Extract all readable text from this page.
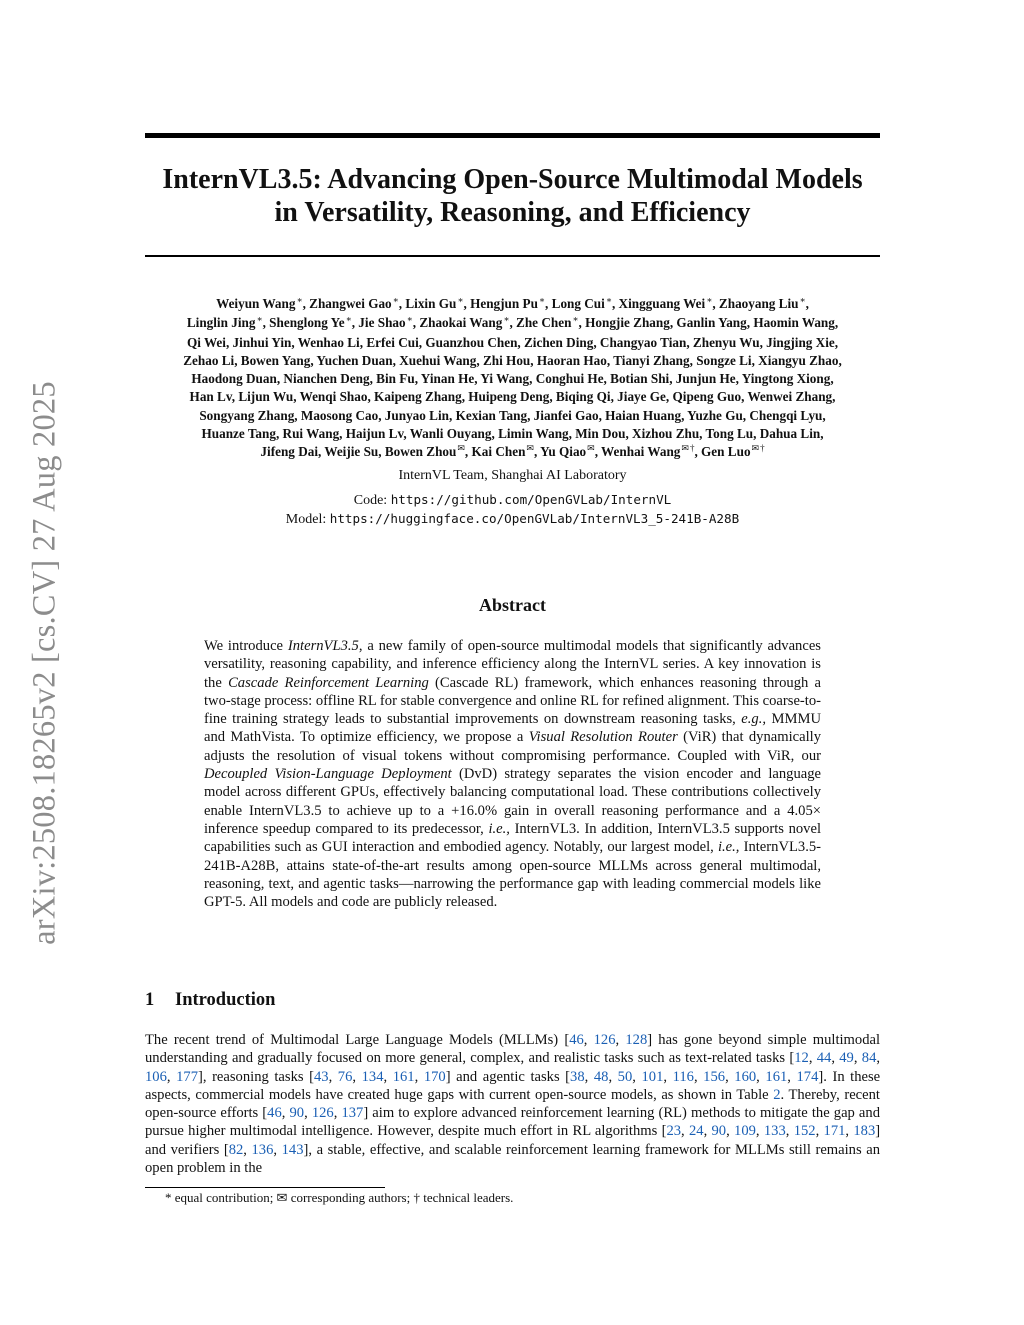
arXiv:2508.18265v2 [cs.CV] 27 Aug 2025
InternVL3.5: Advancing Open-Source Multimodal Models
in Versatility, Reasoning, and Efficiency
Weiyun Wang∗, Zhangwei Gao∗, Lixin Gu∗, Hengjun Pu∗, Long Cui∗, Xingguang Wei∗, Zhaoyang Liu∗,
Linglin Jing∗, Shenglong Ye∗, Jie Shao∗, Zhaokai Wang∗, Zhe Chen∗, Hongjie Zhang, Ganlin Yang, Haomin Wang,
Qi Wei, Jinhui Yin, Wenhao Li, Erfei Cui, Guanzhou Chen, Zichen Ding, Changyao Tian, Zhenyu Wu, Jingjing Xie,
Zehao Li, Bowen Yang, Yuchen Duan, Xuehui Wang, Zhi Hou, Haoran Hao, Tianyi Zhang, Songze Li, Xiangyu Zhao,
Haodong Duan, Nianchen Deng, Bin Fu, Yinan He, Yi Wang, Conghui He, Botian Shi, Junjun He, Yingtong Xiong,
Han Lv, Lijun Wu, Wenqi Shao, Kaipeng Zhang, Huipeng Deng, Biqing Qi, Jiaye Ge, Qipeng Guo, Wenwei Zhang,
Songyang Zhang, Maosong Cao, Junyao Lin, Kexian Tang, Jianfei Gao, Haian Huang, Yuzhe Gu, Chengqi Lyu,
Huanze Tang, Rui Wang, Haijun Lv, Wanli Ouyang, Limin Wang, Min Dou, Xizhou Zhu, Tong Lu, Dahua Lin,
Jifeng Dai, Weijie Su, Bowen Zhou✉, Kai Chen✉, Yu Qiao✉, Wenhai Wang✉†, Gen Luo✉†
InternVL Team, Shanghai AI Laboratory
Code: https://github.com/OpenGVLab/InternVL
Model: https://huggingface.co/OpenGVLab/InternVL3_5-241B-A28B
Abstract

We introduce InternVL3.5, a new family of open-source multimodal models that significantly advances versatility, reasoning capability, and inference efficiency along the InternVL series. A key innovation is the Cascade Reinforcement Learning (Cascade RL) framework, which enhances reasoning through a two-stage process: offline RL for stable convergence and online RL for refined alignment. This coarse-to-fine training strategy leads to substantial improvements on downstream reasoning tasks, e.g., MMMU and MathVista. To optimize efficiency, we propose a Visual Resolution Router (ViR) that dynamically adjusts the resolution of visual tokens without compromising performance. Coupled with ViR, our Decoupled Vision-Language Deployment (DvD) strategy separates the vision encoder and language model across different GPUs, effectively balancing computational load. These contributions collectively enable InternVL3.5 to achieve up to a +16.0% gain in overall reasoning performance and a 4.05× inference speedup compared to its predecessor, i.e., InternVL3. In addition, InternVL3.5 supports novel capabilities such as GUI interaction and embodied agency. Notably, our largest model, i.e., InternVL3.5-241B-A28B, attains state-of-the-art results among open-source MLLMs across general multimodal, reasoning, text, and agentic tasks—narrowing the performance gap with leading commercial models like GPT-5. All models and code are publicly released.

1 Introduction

The recent trend of Multimodal Large Language Models (MLLMs) [46, 126, 128] has gone beyond simple multimodal understanding and gradually focused on more general, complex, and realistic tasks such as text-related tasks [12, 44, 49, 84, 106, 177], reasoning tasks [43, 76, 134, 161, 170] and agentic tasks [38, 48, 50, 101, 116, 156, 160, 161, 174]. In these aspects, commercial models have created huge gaps with current open-source models, as shown in Table 2. Thereby, recent open-source efforts [46, 90, 126, 137] aim to explore advanced reinforcement learning (RL) methods to mitigate the gap and pursue higher multimodal intelligence. However, despite much effort in RL algorithms [23, 24, 90, 109, 133, 152, 171, 183] and verifiers [82, 136, 143], a stable, effective, and scalable reinforcement learning framework for MLLMs still remains an open problem in the

* equal contribution; ✉ corresponding authors; † technical leaders.
